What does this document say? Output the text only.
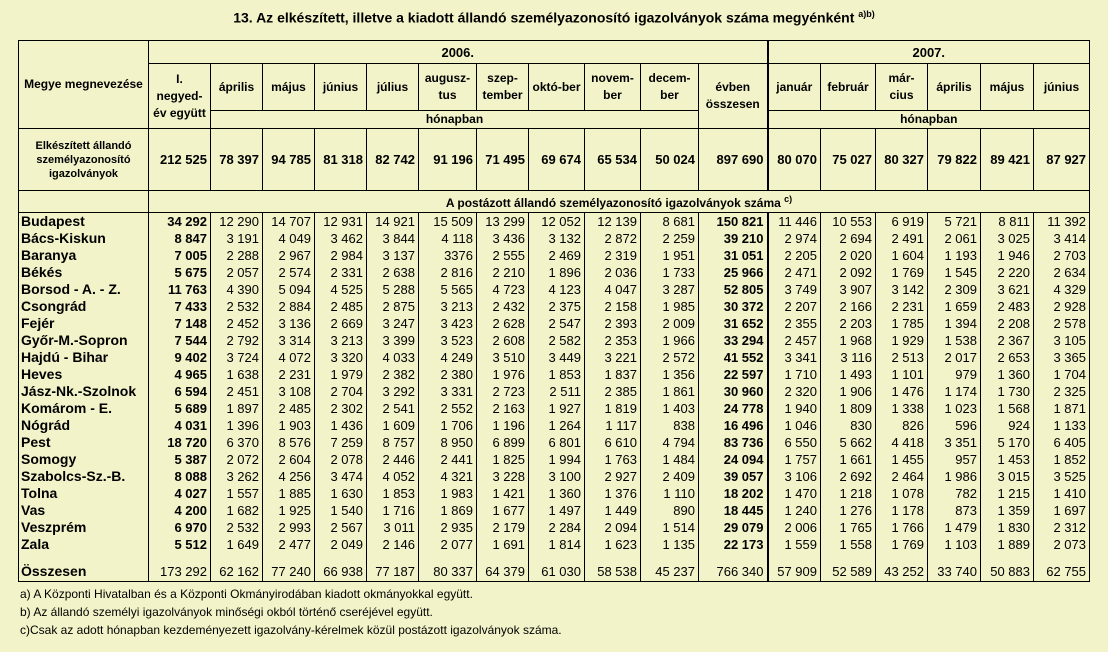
13. Az elkészített, illetve a kiadott állandó személyazonosító igazolványok száma megyénként $^{a)b)}$
Megye megnevezése	2006.											2007.					
	I. negyed-év együtt	április	május	június	július	augusz-tus	szep-tember	októ-ber	novem-ber	decem-ber	évben összesen	január	február	már-cius	április	május	június
		hónapban										hónapban					
Elkészített állandó személyazonosító igazolványok	212 525	78 397	94 785	81 318	82 742	91 196	71 495	69 674	65 534	50 024	897 690	80 070	75 027	80 327	79 822	89 421	87 927
	A postázott állandó személyazonosító igazolványok száma $^{c)}$
Budapest	34 292	12 290	14 707	12 931	14 921	15 509	13 299	12 052	12 139	8 681	150 821	11 446	10 553	6 919	5 721	8 811	11 392
Bács-Kiskun	8 847	3 191	4 049	3 462	3 844	4 118	3 436	3 132	2 872	2 259	39 210	2 974	2 694	2 491	2 061	3 025	3 414
Baranya	7 005	2 288	2 967	2 984	3 137	3376	2 555	2 469	2 319	1 951	31 051	2 205	2 020	1 604	1 193	1 946	2 703
Békés	5 675	2 057	2 574	2 331	2 638	2 816	2 210	1 896	2 036	1 733	25 966	2 471	2 092	1 769	1 545	2 220	2 634
Borsod - A. - Z.	11 763	4 390	5 094	4 525	5 288	5 565	4 723	4 123	4 047	3 287	52 805	3 749	3 907	3 142	2 309	3 621	4 329
Csongrád	7 433	2 532	2 884	2 485	2 875	3 213	2 432	2 375	2 158	1 985	30 372	2 207	2 166	2 231	1 659	2 483	2 928
Fejér	7 148	2 452	3 136	2 669	3 247	3 423	2 628	2 547	2 393	2 009	31 652	2 355	2 203	1 785	1 394	2 208	2 578
Győr-M.-Sopron	7 544	2 792	3 314	3 213	3 399	3 523	2 608	2 582	2 353	1 966	33 294	2 457	1 968	1 929	1 538	2 367	3 105
Hajdú - Bihar	9 402	3 724	4 072	3 320	4 033	4 249	3 510	3 449	3 221	2 572	41 552	3 341	3 116	2 513	2 017	2 653	3 365
Heves	4 965	1 638	2 231	1 979	2 382	2 380	1 976	1 853	1 837	1 356	22 597	1 710	1 493	1 101	979	1 360	1 704
Jász-Nk.-Szolnok	6 594	2 451	3 108	2 704	3 292	3 331	2 723	2 511	2 385	1 861	30 960	2 320	1 906	1 476	1 174	1 730	2 325
Komárom - E.	5 689	1 897	2 485	2 302	2 541	2 552	2 163	1 927	1 819	1 403	24 778	1 940	1 809	1 338	1 023	1 568	1 871
Nógrád	4 031	1 396	1 903	1 436	1 609	1 706	1 196	1 264	1 117	838	16 496	1 046	830	826	596	924	1 133
Pest	18 720	6 370	8 576	7 259	8 757	8 950	6 899	6 801	6 610	4 794	83 736	6 550	5 662	4 418	3 351	5 170	6 405
Somogy	5 387	2 072	2 604	2 078	2 446	2 441	1 825	1 994	1 763	1 484	24 094	1 757	1 661	1 455	957	1 453	1 852
Szabolcs-Sz.-B.	8 088	3 262	4 256	3 474	4 052	4 321	3 228	3 100	2 927	2 409	39 057	3 106	2 692	2 464	1 986	3 015	3 525
Tolna	4 027	1 557	1 885	1 630	1 853	1 983	1 421	1 360	1 376	1 110	18 202	1 470	1 218	1 078	782	1 215	1 410
Vas	4 200	1 682	1 925	1 540	1 716	1 869	1 677	1 497	1 449	890	18 445	1 240	1 276	1 178	873	1 359	1 697
Veszprém	6 970	2 532	2 993	2 567	3 011	2 935	2 179	2 284	2 094	1 514	29 079	2 006	1 765	1 766	1 479	1 830	2 312
Zala	5 512	1 649	2 477	2 049	2 146	2 077	1 691	1 814	1 623	1 135	22 173	1 559	1 558	1 769	1 103	1 889	2 073

Összesen	173 292	62 162	77 240	66 938	77 187	80 337	64 379	61 030	58 538	45 237	766 340	57 909	52 589	43 252	33 740	50 883	62 755
a) A Központi Hivatalban és a Központi Okmányirodában kiadott okmányokkal együtt.
b) Az állandó személyi igazolványok minőségi okból történő cseréjével együtt.
c)Csak az adott hónapban kezdeményezett igazolvány-kérelmek közül postázott igazolványok száma.
